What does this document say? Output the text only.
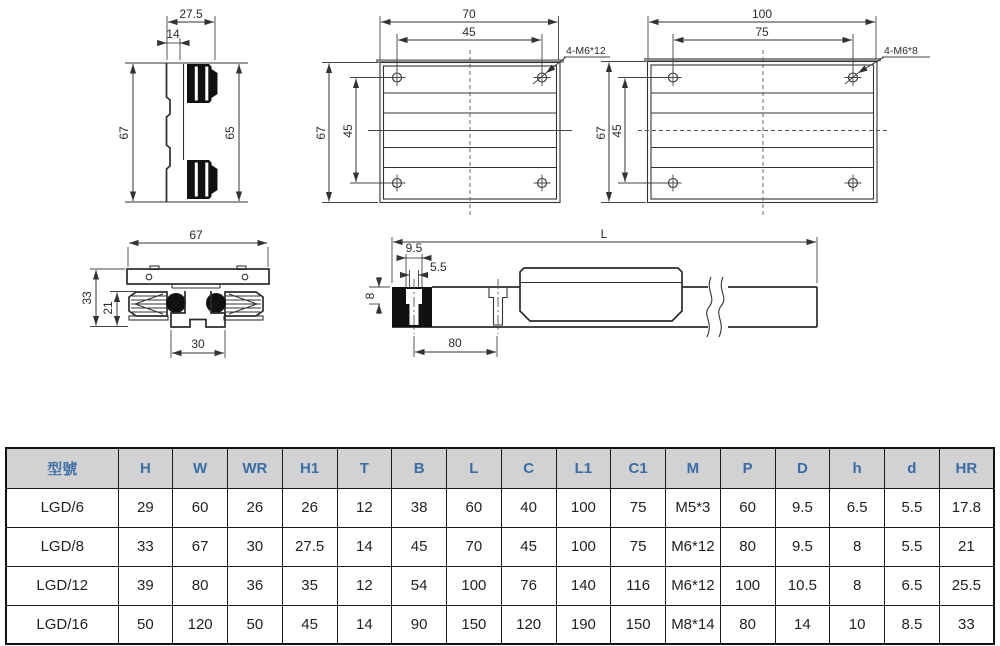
67	65
27.5
14
70
45
67 45
4-M6*12
100
75
67 45
4-M6*8
67
33
21
30
L
9.5
5.5
8
80
型號	H	W	WR	H1	T	B	L	C	L1	C1	M	P	D	h	d	HR
LGD/6	29	60	26	26	12	38	60	40	100	75	M5*3	60	9.5	6.5	5.5	17.8
LGD/8	33	67	30	27.5	14	45	70	45	100	75	M6*12	80	9.5	8	5.5	21
LGD/12	39	80	36	35	12	54	100	76	140	116	M6*12	100	10.5	8	6.5	25.5
LGD/16	50	120	50	45	14	90	150	120	190	150	M8*14	80	14	10	8.5	33
